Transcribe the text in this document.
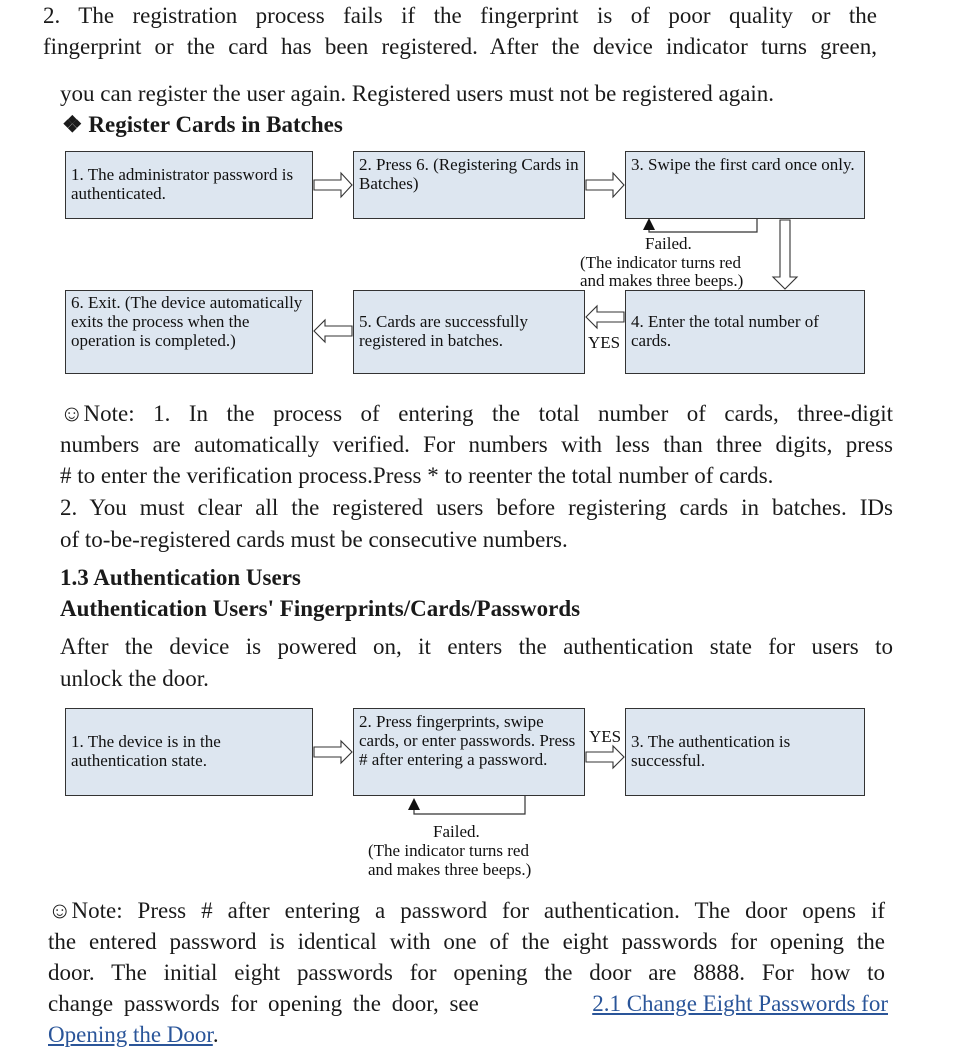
2. The registration process fails if the fingerprint is of poor quality or the
fingerprint or the card has been registered. After the device indicator turns green,
you can register the user again. Registered users must not be registered again.
❖ Register Cards in Batches
1. The administrator password is authenticated.
2. Press 6. (Registering Cards in Batches)
3. Swipe the first card once only.
4. Enter the total number of cards.
5. Cards are successfully registered in batches.
6. Exit. (The device automatically exits the process when the operation is completed.)
Failed.
(The indicator turns red
and makes three beeps.)
YES
☺Note: 1. In the process of entering the total number of cards, three-digit
numbers are automatically verified. For numbers with less than three digits, press
# to enter the verification process.Press * to reenter the total number of cards.
2. You must clear all the registered users before registering cards in batches. IDs
of to-be-registered cards must be consecutive numbers.
1.3 Authentication Users
Authentication Users' Fingerprints/Cards/Passwords
After the device is powered on, it enters the authentication state for users to
unlock the door.
1. The device is in the authentication state.
2. Press fingerprints, swipe cards, or enter passwords. Press # after entering a password.
3. The authentication is successful.
YES
Failed.
(The indicator turns red
and makes three beeps.)
☺Note: Press # after entering a password for authentication. The door opens if
the entered password is identical with one of the eight passwords for opening the
door. The initial eight passwords for opening the door are 8888. For how to
change passwords for opening the door, see	2.1 Change Eight Passwords for
Opening the Door.
